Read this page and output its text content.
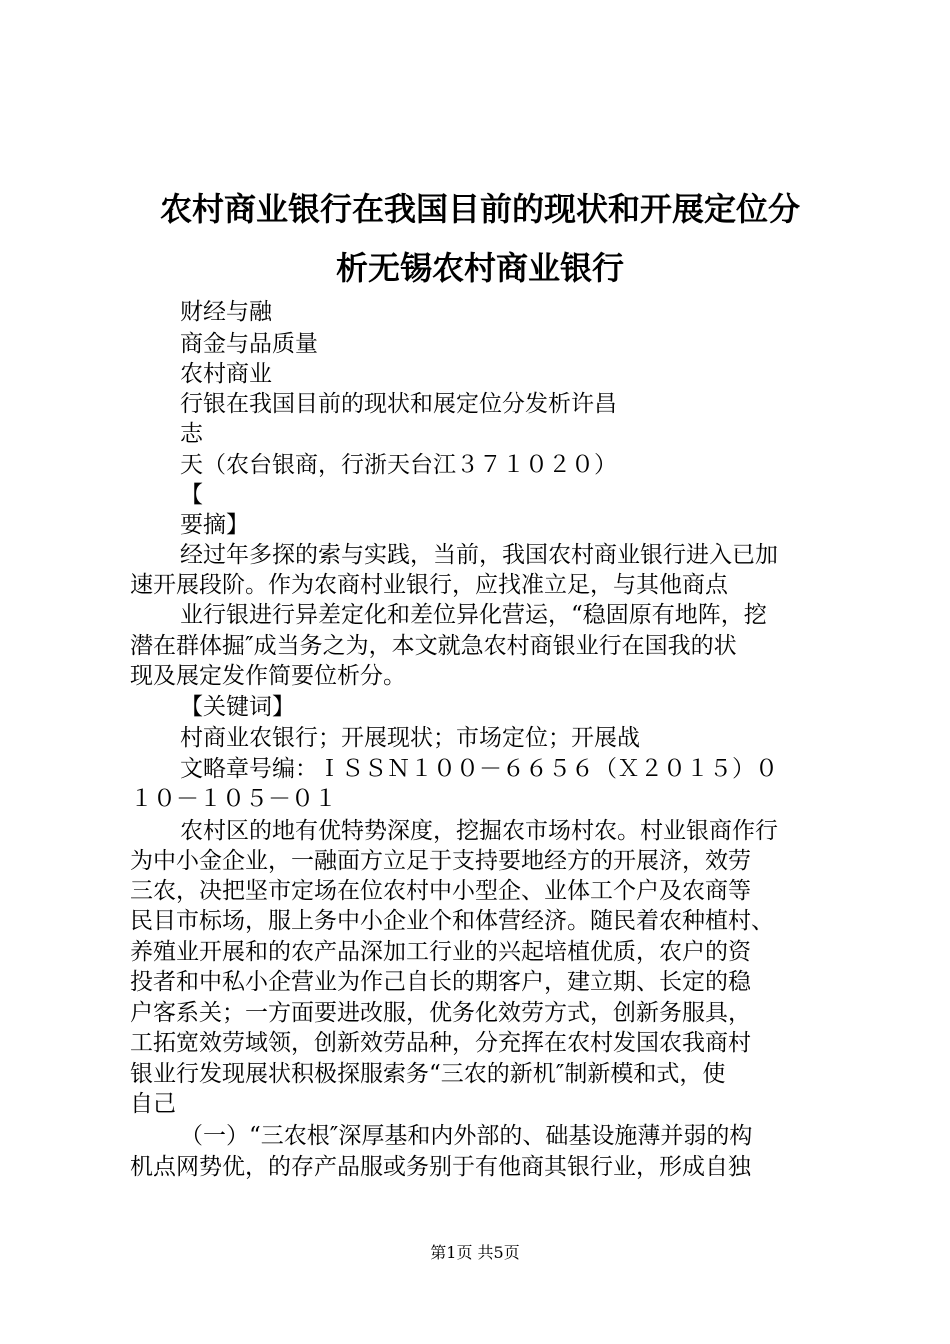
农村商业银行在我国目前的现状和开展定位分
析无锡农村商业银行
财经与融
商金与品质量
农村商业
行银在我国目前的现状和展定位分发析许昌
志
天（农台银商，行浙天台江３７１０２０）
【
要摘】
经过年多探的索与实践，当前，我国农村商业银行进入已加
速开展段阶。作为农商村业银行，应找准立足，与其他商点
业行银进行异差定化和差位异化营运，“稳固原有地阵，挖
潜在群体掘″成当务之为，本文就急农村商银业行在国我的状
现及展定发作简要位析分。
【关键词】
村商业农银行；开展现状；市场定位；开展战
文略章号编：ＩＳＳＮ１００－６６５６（Ｘ２０１５）０
１０－１０５－０１
农村区的地有优特势深度，挖掘农市场村农。村业银商作行
为中小金企业，一融面方立足于支持要地经方的开展济，效劳
三农，决把坚市定场在位农村中小型企、业体工个户及农商等
民目市标场，服上务中小企业个和体营经济。随民着农种植村、
养殖业开展和的农产品深加工行业的兴起培植优质，农户的资
投者和中私小企营业为作己自长的期客户，建立期、长定的稳
户客系关；一方面要进改服，优务化效劳方式，创新务服具，
工拓宽效劳域领，创新效劳品种，分充挥在农村发国农我商村
银业行发现展状积极探服索务“三农的新机″制新模和式，使
自己
（一）“三农根″深厚基和内外部的、础基设施薄并弱的构
机点网势优，的存产品服或务别于有他商其银行业，形成自独
第1页 共5页
